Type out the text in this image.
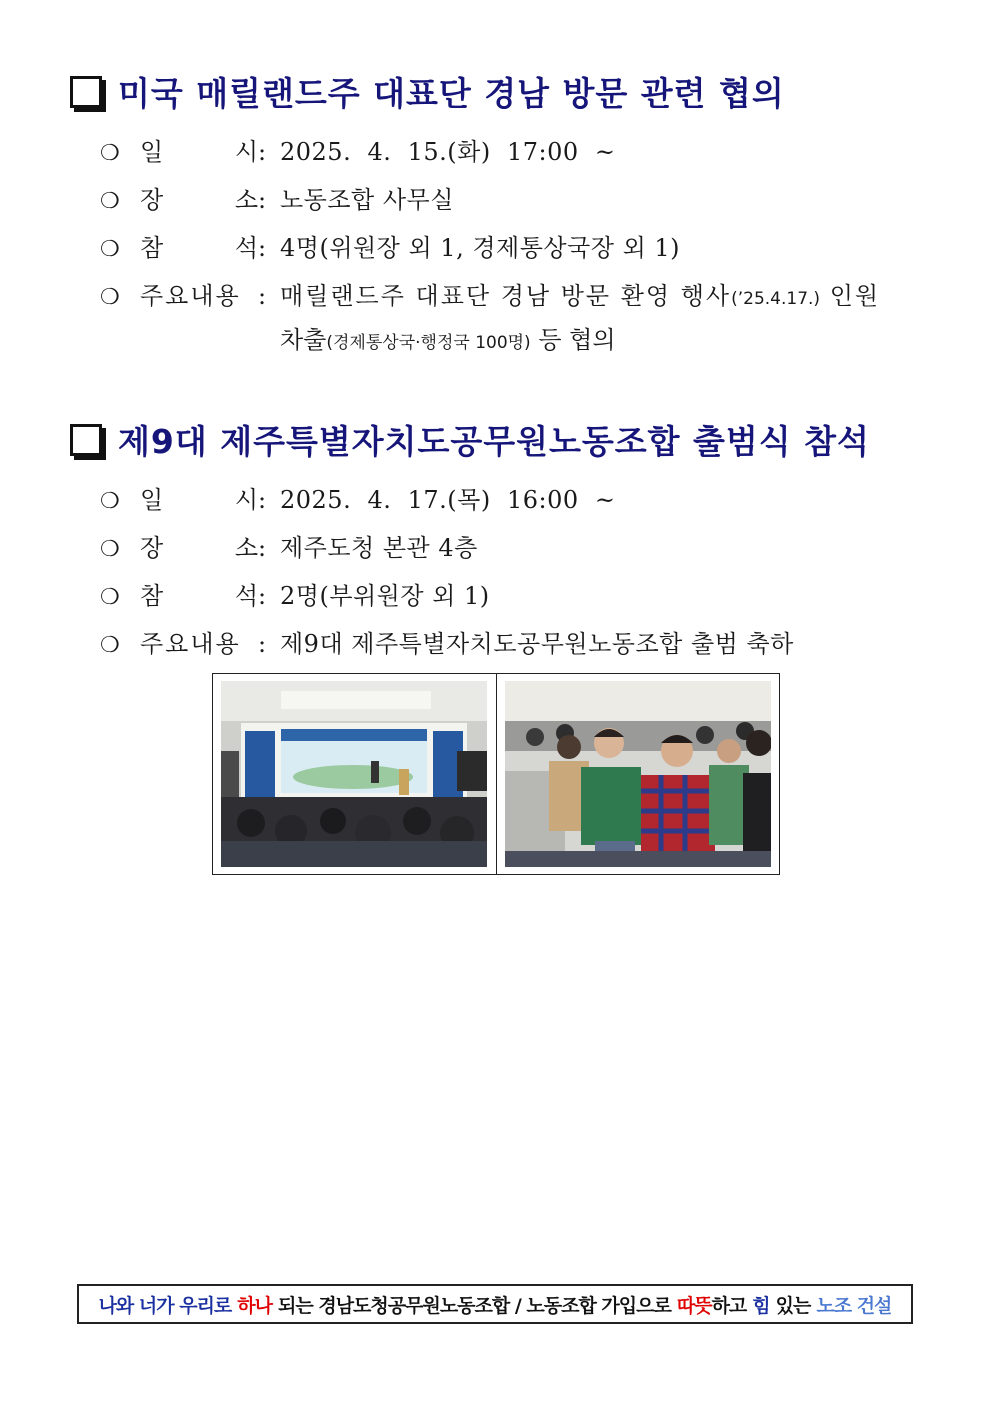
미국 매릴랜드주 대표단 경남 방문 관련 협의
❍ 일	시 : 2025.  4.  15.(화)  17:00  ~
❍ 장	소 : 노동조합 사무실
❍ 참	석 : 4명(위원장 외 1, 경제통상국장 외 1)
❍ 주요내용 : 매릴랜드주 대표단 경남 방문 환영 행사(’25.4.17.) 인원
차출(경제통상국·행정국 100명) 등 협의
제9대 제주특별자치도공무원노동조합 출범식 참석
❍ 일	시 : 2025.  4.  17.(목)  16:00  ~
❍ 장	소 : 제주도청 본관 4층
❍ 참	석 : 2명(부위원장 외 1)
❍ 주요내용 : 제9대 제주특별자치도공무원노동조합 출범 축하
나와 너가 우리로 하나 되는 경남도청공무원노동조합 / 노동조합 가입으로 따뜻 하고 힘 있는 노조 건설
